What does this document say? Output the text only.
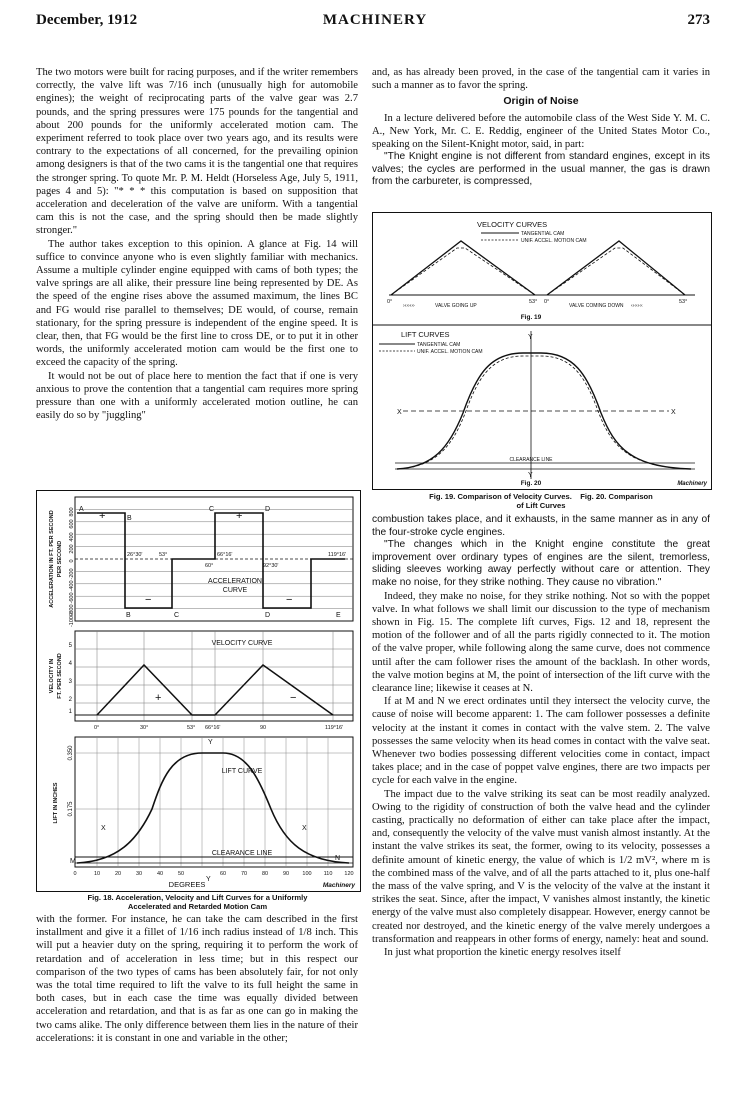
December, 1912	MACHINERY	273

The two motors were built for racing purposes, and if the writer remembers correctly, the valve lift was 7/16 inch (unusually high for automobile engines); the weight of reciprocating parts of the valve gear was 2.7 pounds, and the spring pressures were 175 pounds for the tangential and about 200 pounds for the uniformly accelerated motion cam. The experiment referred to took place over two years ago, and its results were contrary to the expectations of all concerned, for the prevailing opinion among designers is that of the two cams it is the tangential one that requires the stronger spring. To quote Mr. P. M. Heldt (Horseless Age, July 5, 1911, pages 4 and 5): "* * * this computation is based on supposition that acceleration and deceleration of the valve are uniform. With a tangential cam this is not the case, and the spring should then be made slightly stronger."

The author takes exception to this opinion. A glance at Fig. 14 will suffice to convince anyone who is even slightly familiar with mechanics. Assume a multiple cylinder engine equipped with cams of both types; the valve springs are all alike, their pressure line being represented by DE. As the speed of the engine rises above the assumed maximum, the lines BC and FG would rise parallel to themselves; DE would, of course, remain stationary, for the spring pressure is independent of the engine speed. It is clear, then, that FG would be the first line to cross DE, or to put it in other words, the uniformly accelerated motion cam would be the first one to exceed the capacity of the spring.

It would not be out of place here to mention the fact that if one is very anxious to prove the contention that a tangential cam requires more spring pressure than one with a uniformly accelerated motion outline, he can easily do so by "juggling"

800
600
400
200
0
-200
-400
-600
-800
-1000
ACCELERATION IN FT. PER SECOND PER SECOND
A
B
B	C
C	D
D	E
+
−
+
−
26°30'	53°
60°
66°16'
92°30'
119°16'
ACCELERATION
CURVE
5
4
3
2
1
VELOCITY IN FT. PER SECOND
VELOCITY CURVE
+	−
0°	30°	53° 66°16'	90	119°16'
0.350
0.175
LIFT IN INCHES
LIFT CURVE
CLEARANCE LINE
Y
X	X
M	N
Y
0	10	20	30	40	50	60	70	80	90 100 110 120
DEGREES	Machinery
Fig. 18. Acceleration, Velocity and Lift Curves for a Uniformly
Accelerated and Retarded Motion Cam

with the former. For instance, he can take the cam described in the first installment and give it a fillet of 1/16 inch radius instead of 1/8 inch. This will put a heavier duty on the spring, requiring it to perform the work of retardation and of acceleration in less time; but in this respect our comparison of the two types of cams has been absolutely fair, for not only was the total time required to lift the valve to its full height the same in both cases, but in each case the time was equally divided between acceleration and retardation, and that is as far as one can go in making the two cams alike. The only difference between them lies in the nature of their accelerations: it is constant in one and variable in the other;

and, as has already been proved, in the case of the tangential cam it varies in such a manner as to favor the spring.

Origin of Noise

In a lecture delivered before the automobile class of the West Side Y. M. C. A., New York, Mr. C. E. Reddig, engineer of the United States Motor Co., speaking on the Silent-Knight motor, said, in part:

"The Knight engine is not different from standard engines, except in its valves; the cycles are performed in the usual manner, the gas is drawn from the carbureter, is compressed,

VELOCITY CURVES
TANGENTIAL CAM
UNIF. ACCEL. MOTION CAM
0°	53° 0°	53°
›››››››	VALVE GOING UP	VALVE COMING DOWN ‹‹‹‹‹‹‹
Fig. 19
LIFT CURVES
TANGENTIAL CAM
UNIF. ACCEL. MOTION CAM
Y
X	X
Y
CLEARANCE LINE
Fig. 20	Machinery
Fig. 19. Comparison of Velocity Curves.    Fig. 20. Comparison
of Lift Curves

combustion takes place, and it exhausts, in the same manner as in any of the four-stroke cycle engines.

"The changes which in the Knight engine constitute the great improvement over ordinary types of engines are the silent, tremorless, sliding sleeves working away perfectly without care or attention. They make no noise, for they strike nothing. They cause no vibration."

Indeed, they make no noise, for they strike nothing. Not so with the poppet valve. In what follows we shall limit our discussion to the type of mechanism shown in Fig. 15. The complete lift curves, Figs. 12 and 18, represent the motion of the follower and of all the parts rigidly connected to it. The motion of the valve proper, while following along the same curve, does not commence until after the cam follower rises the amount of the backlash. In other words, the valve motion begins at M, the point of intersection of the lift curve with the clearance line; likewise it ceases at N.

If at M and N we erect ordinates until they intersect the velocity curve, the cause of noise will become apparent: 1. The cam follower possesses a definite velocity at the instant it comes in contact with the valve stem. 2. The valve possesses the same velocity when its head comes in contact with the valve seat. Whenever two bodies possessing different velocities come in contact, impact takes place; and in the case of poppet valve engines, there are two impacts per cycle for each valve in the engine.

The impact due to the valve striking its seat can be most readily analyzed. Owing to the rigidity of construction of both the valve head and the cylinder casting, practically no deformation of either can take place after the impact, and, consequently the velocity of the valve must vanish almost instantly. At the instant the valve strikes its seat, the former, owing to its velocity, possesses a definite amount of kinetic energy, the value of which is 1/2 mV², where m is the combined mass of the valve, and of all the parts attached to it, plus one-half the mass of the valve spring, and V is the velocity of the valve at the instant it strikes the seat. Since, after the impact, V vanishes almost instantly, the kinetic energy of the valve must also completely disappear. However, energy cannot be created nor destroyed, and the kinetic energy of the valve merely undergoes a transformation and reappears in other forms of energy, namely: heat and sound.

In just what proportion the kinetic energy resolves itself
